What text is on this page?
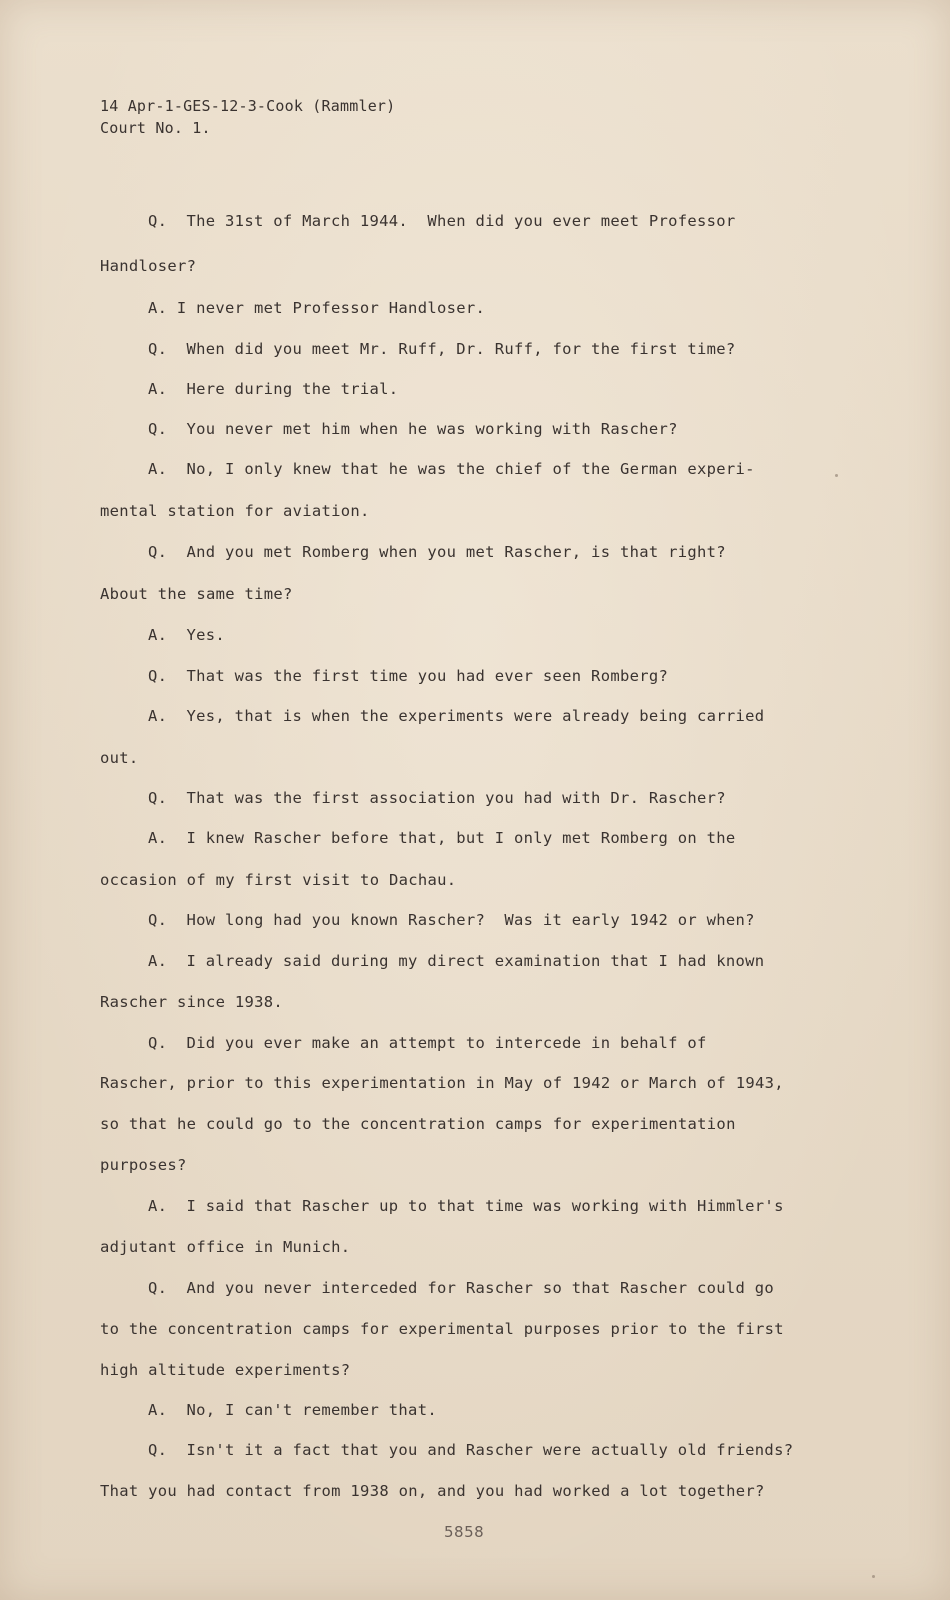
14 Apr-1-GES-12-3-Cook (Rammler)
Court No. 1.
Q.  The 31st of March 1944.  When did you ever meet Professor
Handloser?
A. I never met Professor Handloser.
Q.  When did you meet Mr. Ruff, Dr. Ruff, for the first time?
A.  Here during the trial.
Q.  You never met him when he was working with Rascher?
A.  No, I only knew that he was the chief of the German experi-
mental station for aviation.
Q.  And you met Romberg when you met Rascher, is that right?
About the same time?
A.  Yes.
Q.  That was the first time you had ever seen Romberg?
A.  Yes, that is when the experiments were already being carried
out.
Q.  That was the first association you had with Dr. Rascher?
A.  I knew Rascher before that, but I only met Romberg on the
occasion of my first visit to Dachau.
Q.  How long had you known Rascher?  Was it early 1942 or when?
A.  I already said during my direct examination that I had known
Rascher since 1938.
Q.  Did you ever make an attempt to intercede in behalf of
Rascher, prior to this experimentation in May of 1942 or March of 1943,
so that he could go to the concentration camps for experimentation
purposes?
A.  I said that Rascher up to that time was working with Himmler's
adjutant office in Munich.
Q.  And you never interceded for Rascher so that Rascher could go
to the concentration camps for experimental purposes prior to the first
high altitude experiments?
A.  No, I can't remember that.
Q.  Isn't it a fact that you and Rascher were actually old friends?
That you had contact from 1938 on, and you had worked a lot together?
5858
